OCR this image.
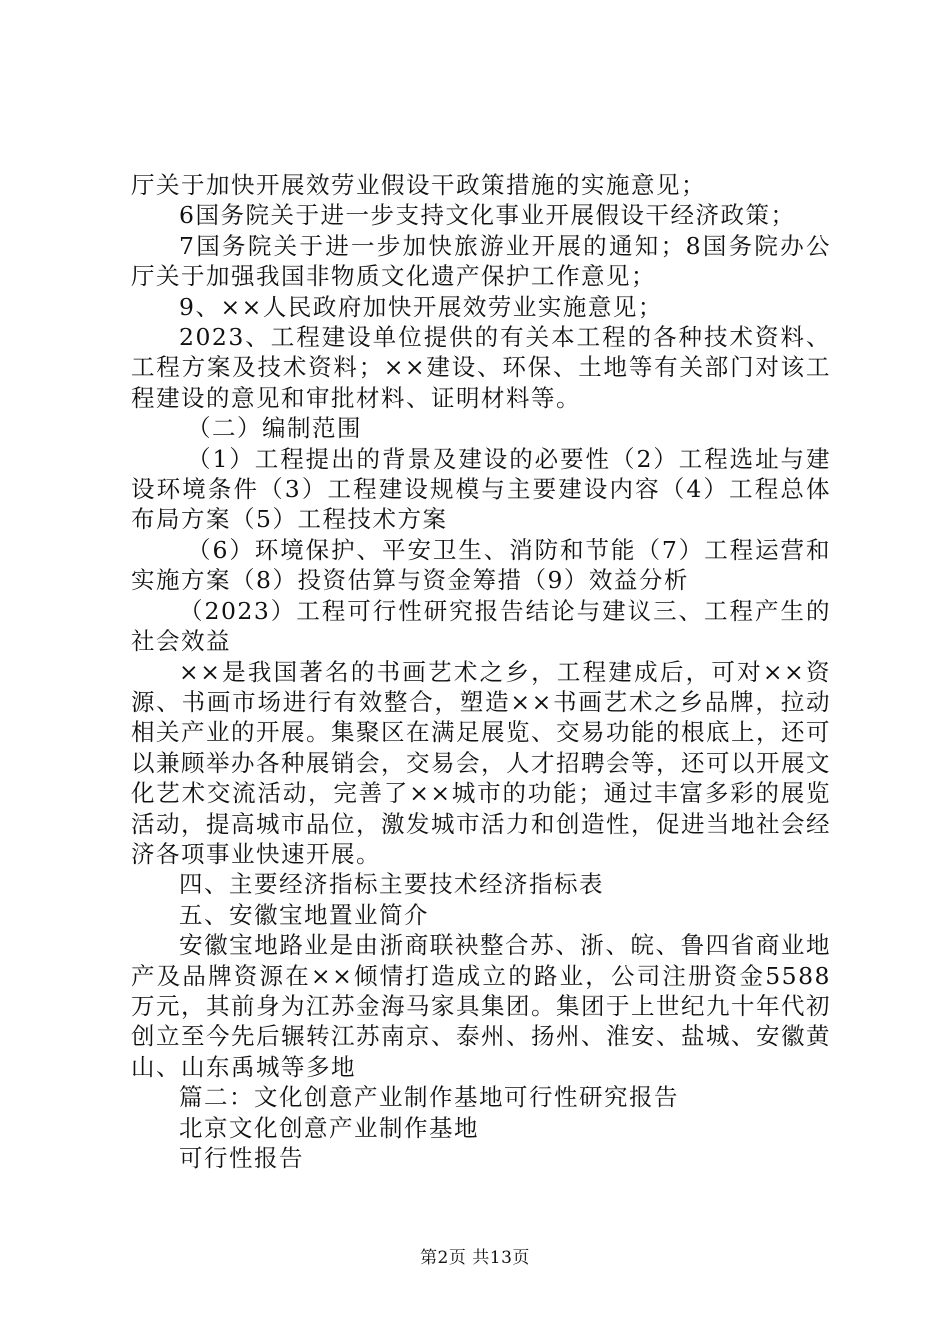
厅关于加快开展效劳业假设干政策措施的实施意见；

6国务院关于进一步支持文化事业开展假设干经济政策；

7国务院关于进一步加快旅游业开展的通知；8国务院办公厅关于加强我国非物质文化遗产保护工作意见；

9、××人民政府加快开展效劳业实施意见；

2023、工程建设单位提供的有关本工程的各种技术资料、工程方案及技术资料；××建设、环保、土地等有关部门对该工程建设的意见和审批材料、证明材料等。

（二）编制范围

（1）工程提出的背景及建设的必要性（2）工程选址与建设环境条件（3）工程建设规模与主要建设内容（4）工程总体布局方案（5）工程技术方案

（6）环境保护、平安卫生、消防和节能（7）工程运营和实施方案（8）投资估算与资金筹措（9）效益分析

（2023）工程可行性研究报告结论与建议三、工程产生的社会效益

××是我国著名的书画艺术之乡，工程建成后，可对××资源、书画市场进行有效整合，塑造××书画艺术之乡品牌，拉动相关产业的开展。集聚区在满足展览、交易功能的根底上，还可以兼顾举办各种展销会，交易会，人才招聘会等，还可以开展文化艺术交流活动，完善了××城市的功能；通过丰富多彩的展览活动，提高城市品位，激发城市活力和创造性，促进当地社会经济各项事业快速开展。

四、主要经济指标主要技术经济指标表

五、安徽宝地置业简介

安徽宝地路业是由浙商联袂整合苏、浙、皖、鲁四省商业地产及品牌资源在××倾情打造成立的路业，公司注册资金5588万元，其前身为江苏金海马家具集团。集团于上世纪九十年代初创立至今先后辗转江苏南京、泰州、扬州、淮安、盐城、安徽黄山、山东禹城等多地

篇二：文化创意产业制作基地可行性研究报告

北京文化创意产业制作基地

可行性报告

第2页 共13页
